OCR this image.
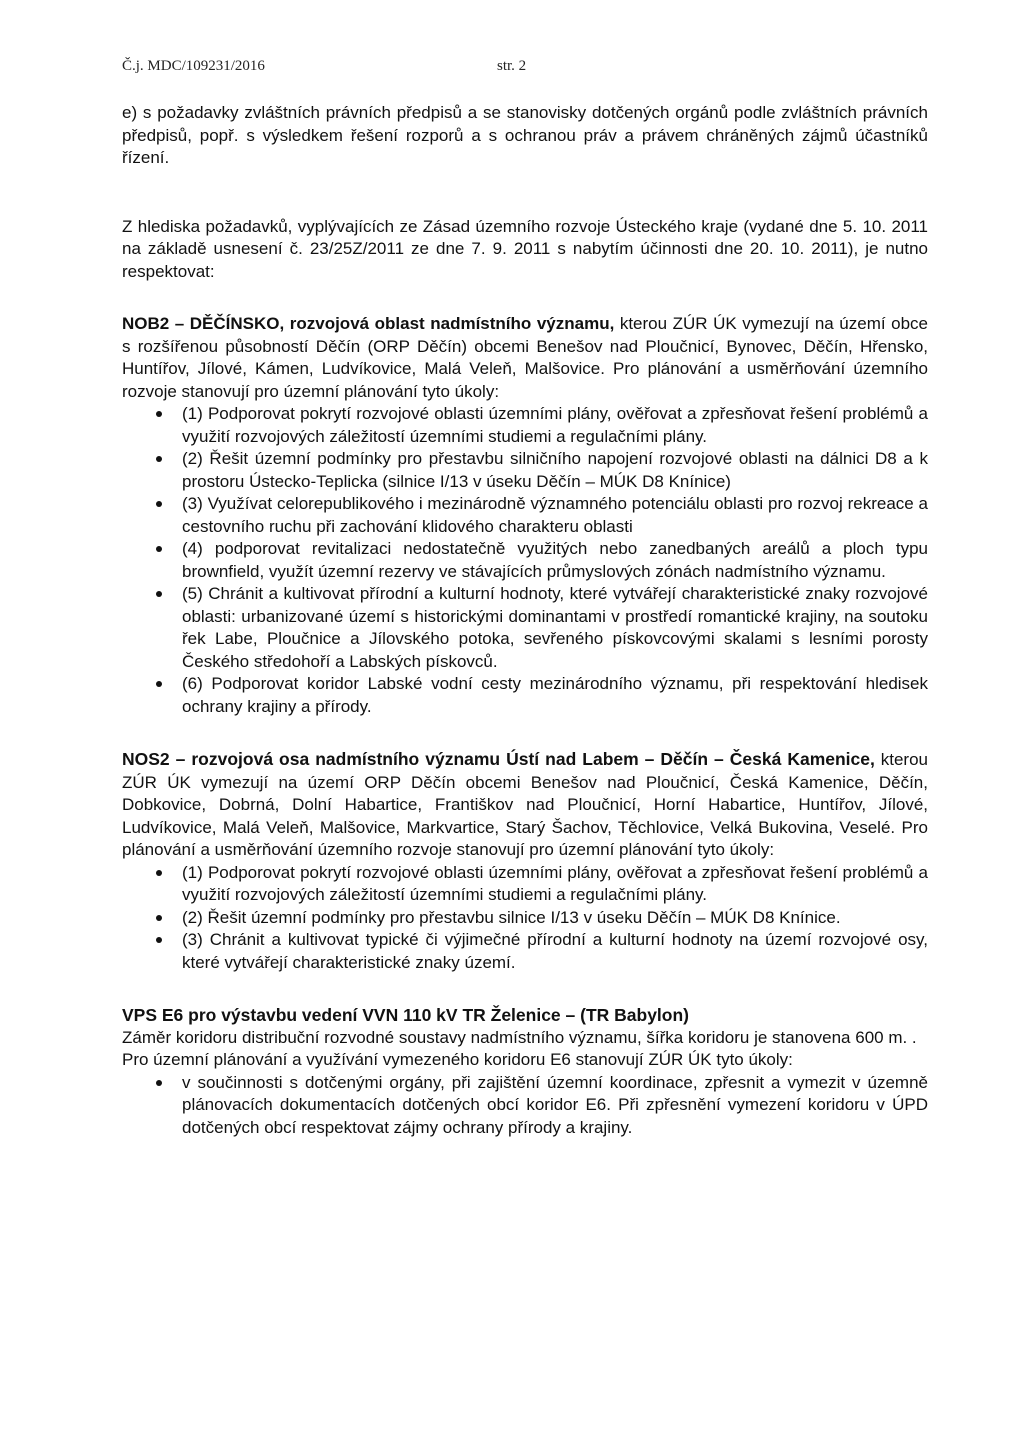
Č.j. MDC/109231/2016	str. 2

e) s požadavky zvláštních právních předpisů a se stanovisky dotčených orgánů podle zvláštních právních předpisů, popř. s výsledkem řešení rozporů a s ochranou práv a právem chráněných zájmů účastníků řízení.

Z hlediska požadavků, vyplývajících ze Zásad územního rozvoje Ústeckého kraje (vydané dne 5. 10. 2011 na základě usnesení č. 23/25Z/2011 ze dne 7. 9. 2011 s nabytím účinnosti dne 20. 10. 2011), je nutno respektovat:

NOB2 – DĚČÍNSKO, rozvojová oblast nadmístního významu, kterou ZÚR ÚK vymezují na území obce s rozšířenou působností Děčín (ORP Děčín) obcemi Benešov nad Ploučnicí, Bynovec, Děčín, Hřensko, Huntířov, Jílové, Kámen, Ludvíkovice, Malá Veleň, Malšovice. Pro plánování a usměrňování územního rozvoje stanovují pro územní plánování tyto úkoly:

(1) Podporovat pokrytí rozvojové oblasti územními plány, ověřovat a zpřesňovat řešení problémů a využití rozvojových záležitostí územními studiemi a regulačními plány.
(2) Řešit územní podmínky pro přestavbu silničního napojení rozvojové oblasti na dálnici D8 a k prostoru Ústecko-Teplicka (silnice I/13 v úseku Děčín – MÚK D8 Knínice)
(3) Využívat celorepublikového i mezinárodně významného potenciálu oblasti pro rozvoj rekreace a cestovního ruchu při zachování klidového charakteru oblasti
(4) podporovat revitalizaci nedostatečně využitých nebo zanedbaných areálů a ploch typu brownfield, využít územní rezervy ve stávajících průmyslových zónách nadmístního významu.
(5) Chránit a kultivovat přírodní a kulturní hodnoty, které vytvářejí charakteristické znaky rozvojové oblasti: urbanizované území s historickými dominantami v prostředí romantické krajiny, na soutoku řek Labe, Ploučnice a Jílovského potoka, sevřeného pískovcovými skalami s lesními porosty Českého středohoří a Labských pískovců.
(6) Podporovat koridor Labské vodní cesty mezinárodního významu, při respektování hledisek ochrany krajiny a přírody.

NOS2 – rozvojová osa nadmístního významu Ústí nad Labem – Děčín – Česká Kamenice, kterou ZÚR ÚK vymezují na území ORP Děčín obcemi Benešov nad Ploučnicí, Česká Kamenice, Děčín, Dobkovice, Dobrná, Dolní Habartice, Františkov nad Ploučnicí, Horní Habartice, Huntířov, Jílové, Ludvíkovice, Malá Veleň, Malšovice, Markvartice, Starý Šachov, Těchlovice, Velká Bukovina, Veselé. Pro plánování a usměrňování územního rozvoje stanovují pro územní plánování tyto úkoly:

(1) Podporovat pokrytí rozvojové oblasti územními plány, ověřovat a zpřesňovat řešení problémů a využití rozvojových záležitostí územními studiemi a regulačními plány.
(2) Řešit územní podmínky pro přestavbu silnice I/13 v úseku Děčín – MÚK D8 Knínice.
(3) Chránit a kultivovat typické či výjimečné přírodní a kulturní hodnoty na území rozvojové osy, které vytvářejí charakteristické znaky území.

VPS E6 pro výstavbu vedení VVN 110 kV TR Želenice – (TR Babylon)

Záměr koridoru distribuční rozvodné soustavy nadmístního významu, šířka koridoru je stanovena 600 m. .

Pro územní plánování a využívání vymezeného koridoru E6 stanovují ZÚR ÚK tyto úkoly:

v součinnosti s dotčenými orgány, při zajištění územní koordinace, zpřesnit a vymezit v územně plánovacích dokumentacích dotčených obcí koridor E6. Při zpřesnění vymezení koridoru v ÚPD dotčených obcí respektovat zájmy ochrany přírody a krajiny.
